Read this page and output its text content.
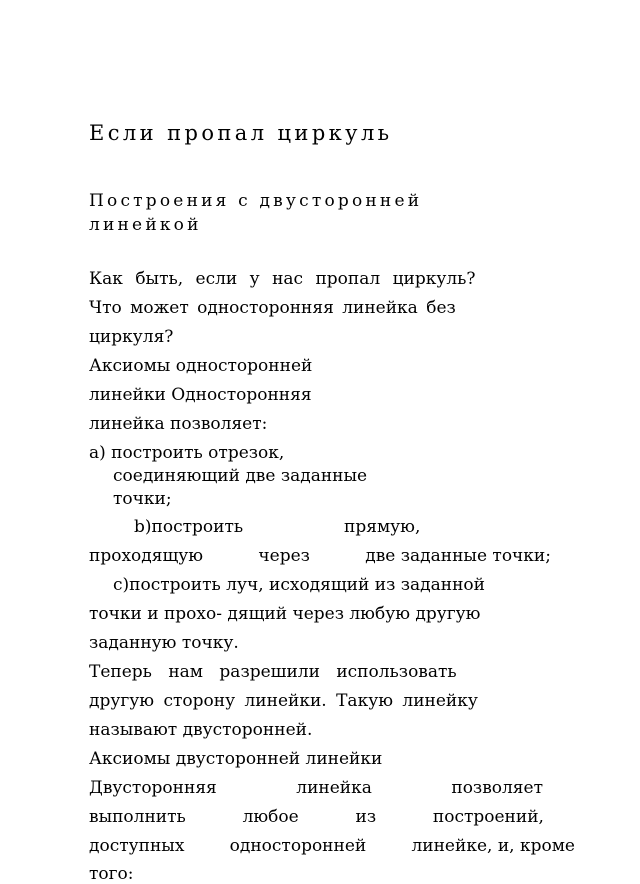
Если пропал циркуль
Построения с двусторонней
линейкой
Как быть, если у нас пропал циркуль?
Что может односторонняя линейка без
циркуля?
Аксиомы односторонней
линейки Односторонняя
линейка позволяет:
а) построить отрезок,
соединяющий две заданные
точки;
b)построить	прямую,
проходящую	через	две заданные точки;
c)построить луч, исходящий из заданной
точки и прохо- дящий через любую другую
заданную точку.
Теперь нам разрешили использовать
другую сторону линейки. Такую линейку
называют двусторонней.
Аксиомы двусторонней линейки
Двусторонняя	линейка	позволяет
выполнить	любое	из	построений,
доступных	односторонней	линейке, и, кроме
того:
